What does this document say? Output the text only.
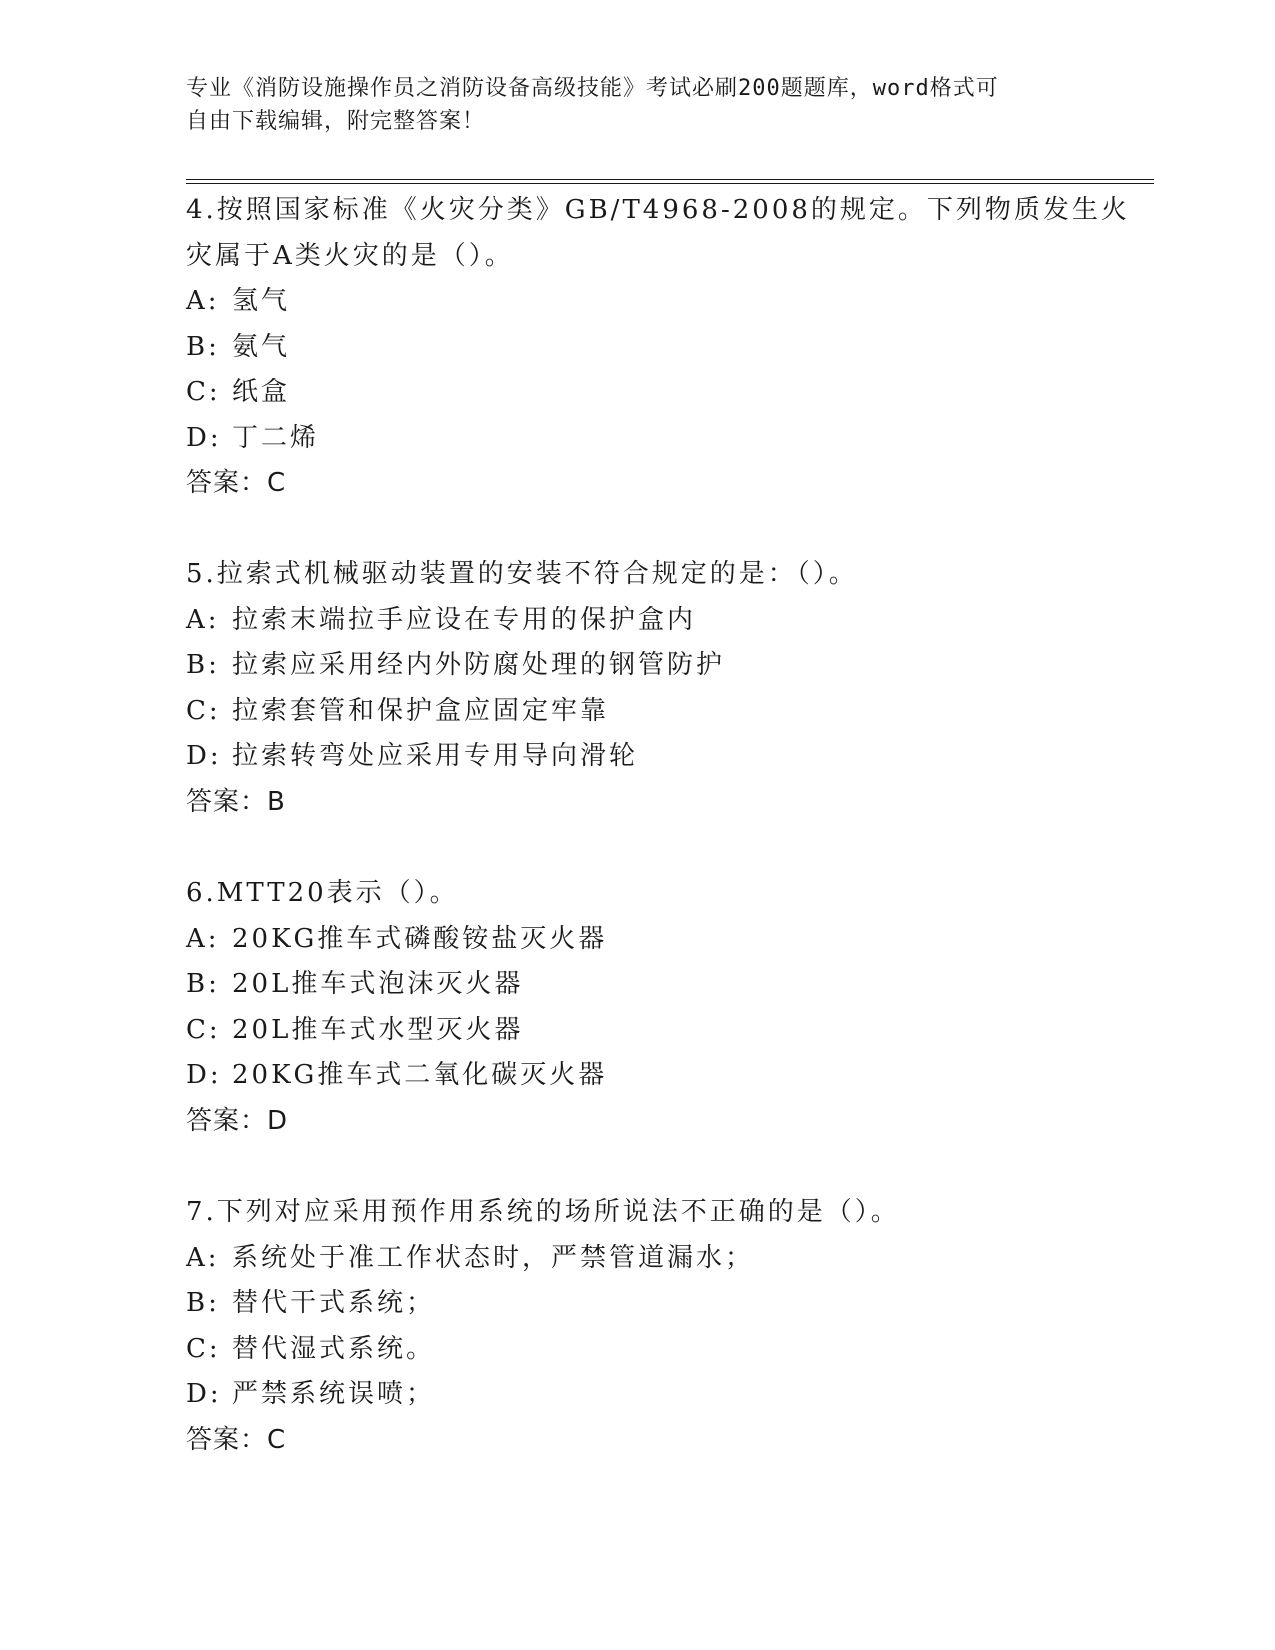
专业《消防设施操作员之消防设备高级技能》考试必刷200题题库，word格式可
自由下载编辑，附完整答案！
4.按照国家标准《火灾分类》GB/T4968-2008的规定。下列物质发生火
灾属于A类火灾的是（）。
A: 氢气
B: 氨气
C: 纸盒
D: 丁二烯
答案：C
5.拉索式机械驱动装置的安装不符合规定的是：（）。
A: 拉索末端拉手应设在专用的保护盒内
B: 拉索应采用经内外防腐处理的钢管防护
C: 拉索套管和保护盒应固定牢靠
D: 拉索转弯处应采用专用导向滑轮
答案：B
6.MTT20表示（）。
A: 20KG推车式磷酸铵盐灭火器
B: 20L推车式泡沫灭火器
C: 20L推车式水型灭火器
D: 20KG推车式二氧化碳灭火器
答案：D
7.下列对应采用预作用系统的场所说法不正确的是（）。
A: 系统处于准工作状态时，严禁管道漏水；
B: 替代干式系统；
C: 替代湿式系统。
D: 严禁系统误喷；
答案：C
